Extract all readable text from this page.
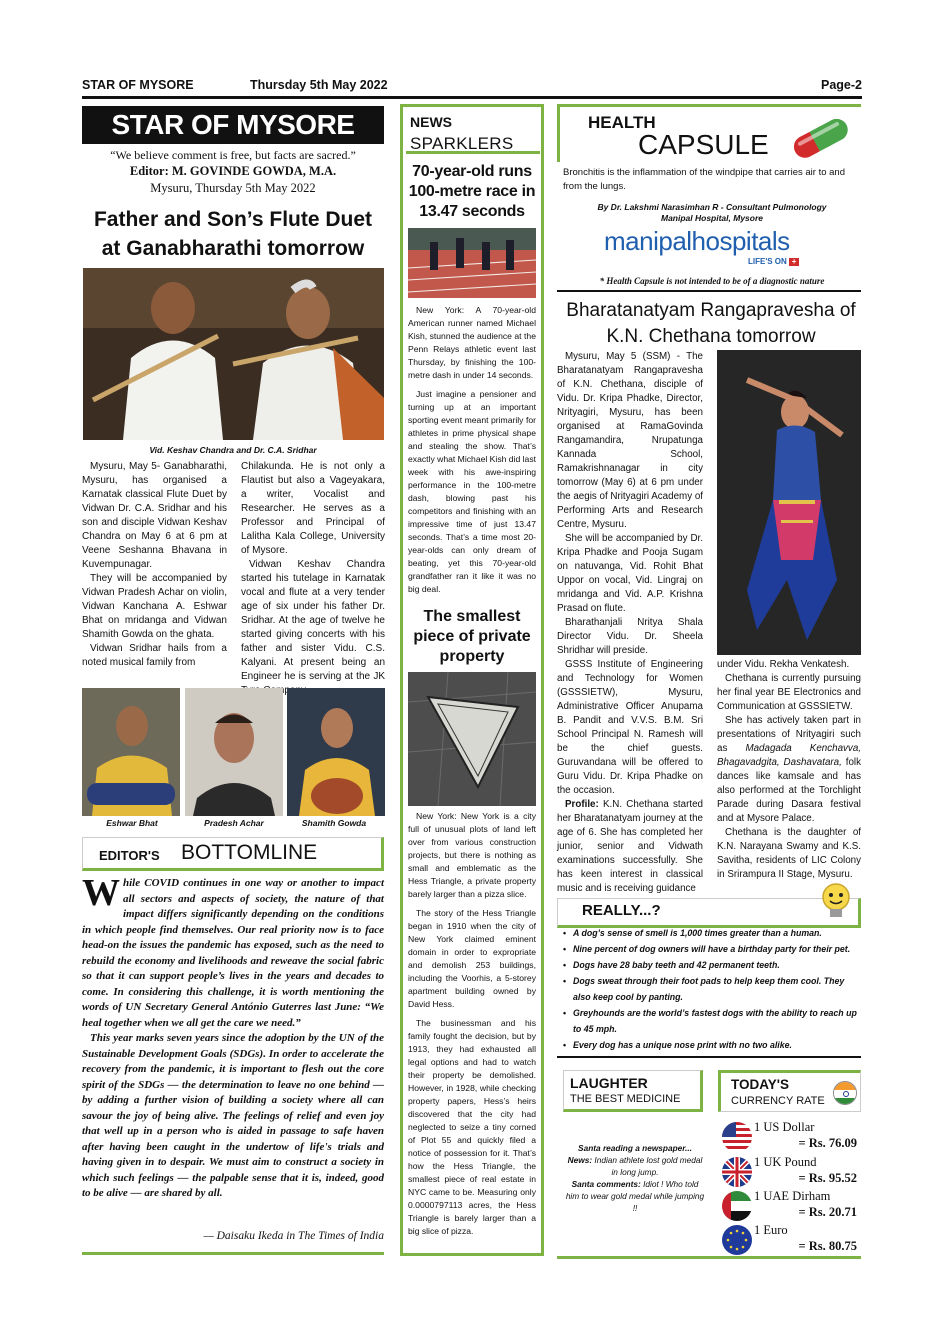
STAR OF MYSORE	Thursday 5th May 2022	Page-2
STAR OF MYSORE
“We believe comment is free, but facts are sacred.”
Editor: M. GOVINDE GOWDA, M.A.
Mysuru, Thursday 5th May 2022
Father and Son’s Flute Duet at Ganabharathi tomorrow
Vid. Keshav Chandra and Dr. C.A. Sridhar

Mysuru, May 5- Ganabharathi, Mysuru, has organised a Karnatak classical Flute Duet by Vidwan Dr. C.A. Sridhar and his son and disciple Vidwan Keshav Chandra on May 6 at 6 pm at Veene Seshanna Bhavana in Kuvempunagar.

They will be accompanied by Vidwan Pradesh Achar on violin, Vidwan Kanchana A. Eshwar Bhat on mridanga and Vidwan Shamith Gowda on the ghata.

Vidwan Sridhar hails from a noted musical family from

Chilakunda. He is not only a Flautist but also a Vageyakara, a writer, Vocalist and Researcher. He serves as a Professor and Principal of Lalitha Kala College, University of Mysore.

Vidwan Keshav Chandra started his tutelage in Karnatak vocal and flute at a very tender age of six under his father Dr. Sridhar. At the age of twelve he started giving concerts with his father and sister Vidu. C.S. Kalyani. At present being an Engineer he is serving at the JK Company.

Eshwar Bhat	Pradesh Achar	Shamith Gowda
EDITOR'S BOTTOMLINE

While COVID continues in one way or another to impact all sectors and aspects of society, the nature of that impact differs significantly depending on the conditions in which people find themselves. Our real priority now is to face head-on the issues the pandemic has exposed, such as the need to rebuild the economy and livelihoods and reweave the social fabric so that it can support people’s lives in the years and decades to come. In considering this challenge, it is worth mentioning the words of UN Secretary General António Guterres last June: “We heal together when we all get the care we need.”

This year marks seven years since the adoption by the UN of the Sustainable Development Goals (SDGs). In order to accelerate the recovery from the pandemic, it is important to flesh out the core spirit of the SDGs — the determination to leave no one behind — by adding a further vision of building a society where all can savour the joy of being alive. The feelings of relief and even joy that well up in a person who is aided in passage to safe haven after having been caught in the undertow of life's trials and having given in to despair. We must aim to construct a society in which such feelings — the palpable sense that it is, indeed, good to be alive — are shared by all.

— Daisaku Ikeda in The Times of India
NEWS
SPARKLERS
70-year-old runs 100-metre race in 13.47 seconds

New York: A 70-year-old American runner named Michael Kish, stunned the audience at the Penn Relays athletic event last Thursday, by finishing the 100-metre dash in under 14 seconds.

Just imagine a pensioner and turning up at an important sporting event meant primarily for athletes in prime physical shape and stealing the show. That’s exactly what Michael Kish did last week with his awe-inspiring performance in the 100-metre dash, blowing past his competitors and finishing with an impressive time of just 13.47 seconds. That’s a time most 20-year-olds can only dream of beating, yet this 70-year-old grandfather ran it like it was no big deal.

The smallest piece of private property

New York: New York is a city full of unusual plots of land left over from various construction projects, but there is nothing as small and emblematic as the Hess Triangle, a private property barely larger than a pizza slice.

The story of the Hess Triangle began in 1910 when the city of New York claimed eminent domain in order to expropriate and demolish 253 buildings, including the Voorhis, a 5-storey apartment building owned by David Hess.

The businessman and his family fought the decision, but by 1913, they had exhausted all legal options and had to watch their property be demolished. However, in 1928, while checking property papers, Hess’s heirs discovered that the city had neglected to seize a tiny corned of Plot 55 and quickly filed a notice of possession for it. That’s how the Hess Triangle, the smallest piece of real estate in NYC came to be. Measuring only 0.0000797113 acres, the Hess Triangle is barely larger than a big slice of pizza.

HEALTH
CAPSULE
Bronchitis is the inflammation of the windpipe that carries air to and from the lungs.
By Dr. Lakshmi Narasimhan R - Consultant Pulmonology
Manipal Hospital, Mysore
manipalhospitals
LIFE'S ON +
* Health Capsule is not intended to be of a diagnostic nature
Bharatanatyam Rangapravesha of K.N. Chethana tomorrow

Mysuru, May 5 (SSM) - The Bharatanatyam Rangapravesha of K.N. Chethana, disciple of Vidu. Dr. Kripa Phadke, Director, Nrityagiri, Mysuru, has been organised at RamaGovinda Rangamandira, Nrupatunga Kannada School, Ramakrishnanagar in city tomorrow (May 6) at 6 pm under the aegis of Nrityagiri Academy of Performing Arts and Research Centre, Mysuru.

She will be accompanied by Dr. Kripa Phadke and Pooja Sugam on natuvanga, Vid. Rohit Bhat Uppor on vocal, Vid. Lingraj on mridanga and Vid. A.P. Krishna Prasad on flute.

Bharathanjali Nritya Shala Director Vidu. Dr. Sheela Shridhar will preside.

GSSS Institute of Engineering and Technology for Women (GSSSIETW), Mysuru, Administrative Officer Anupama B. Pandit and V.V.S. B.M. Sri School Principal N. Ramesh will be the chief guests. Guruvandana will be offered to Guru Vidu. Dr. Kripa Phadke on the occasion.

Profile: K.N. Chethana started her Bharatanatyam journey at the age of 6. She has completed her junior, senior and Vidwath examinations successfully. She has keen interest in classical music and is receiving guidance

under Vidu. Rekha Venkatesh.

Chethana is currently pursuing her final year BE Electronics and Communication at GSSSIETW.

She has actively taken part in presentations of Nrityagiri such as Madagada Kenchavva, Bhagavadgita, Dashavatara, folk dances like kamsale and has also performed at the Torchlight Parade during Dasara festival and at Mysore Palace.

Chethana is the daughter of K.N. Narayana Swamy and K.S. Savitha, residents of LIC Colony in Srirampura II Stage, Mysuru.

REALLY...?
• A dog’s sense of smell is 1,000 times greater than a human.
• Nine percent of dog owners will have a birthday party for their pet.
• Dogs have 28 baby teeth and 42 permanent teeth.
• Dogs sweat through their foot pads to help keep them cool. They also keep cool by panting.
• Greyhounds are the world’s fastest dogs with the ability to reach up to 45 mph.
• Every dog has a unique nose print with no two alike.
LAUGHTER
THE BEST MEDICINE
Santa reading a newspaper...
News: Indian athlete lost gold medal in long jump.
Santa comments: Idiot ! Who told him to wear gold medal while jumping !!
TODAY'S
CURRENCY RATE
1 US Dollar
= Rs. 76.09
1 UK Pound
= Rs. 95.52
1 UAE Dirham
= Rs. 20.71
1 Euro
= Rs. 80.75
